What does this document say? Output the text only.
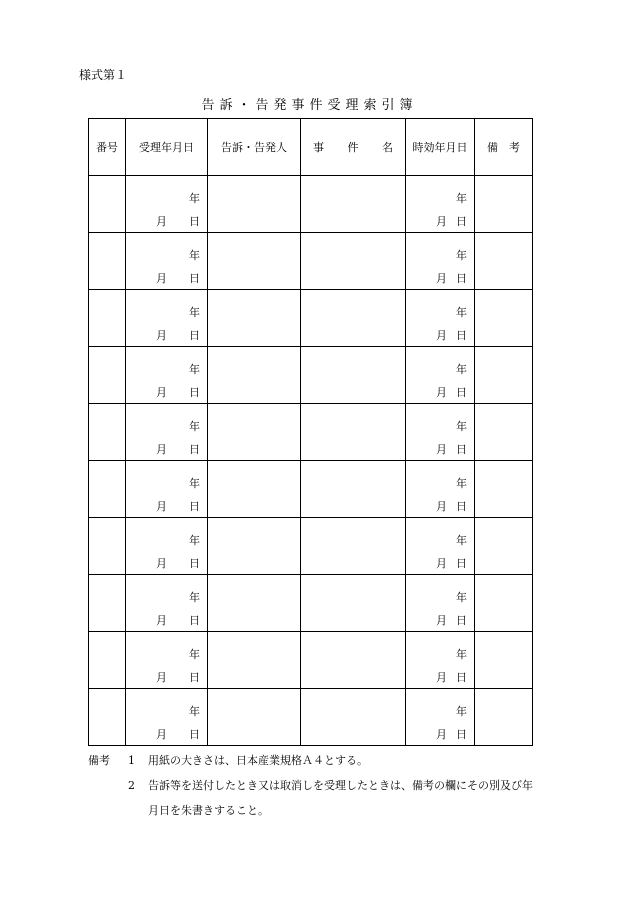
様式第１
告訴・告発事件受理索引簿
番号	受理年月日	告訴・告発人	事　件　名	時効年月日	備　考

	年
月 日			年
月 日	

	年
月 日			年
月 日	

	年
月 日			年
月 日	

	年
月 日			年
月 日	

	年
月 日			年
月 日	

	年
月 日			年
月 日	

	年
月 日			年
月 日	

	年
月 日			年
月 日	

	年
月 日			年
月 日	

	年
月 日			年
月 日	

備考 1 用紙の大きさは、日本産業規格Ａ４とする。
2 告訴等を送付したとき又は取消しを受理したときは、備考の欄にその別及び年
月日を朱書きすること。
